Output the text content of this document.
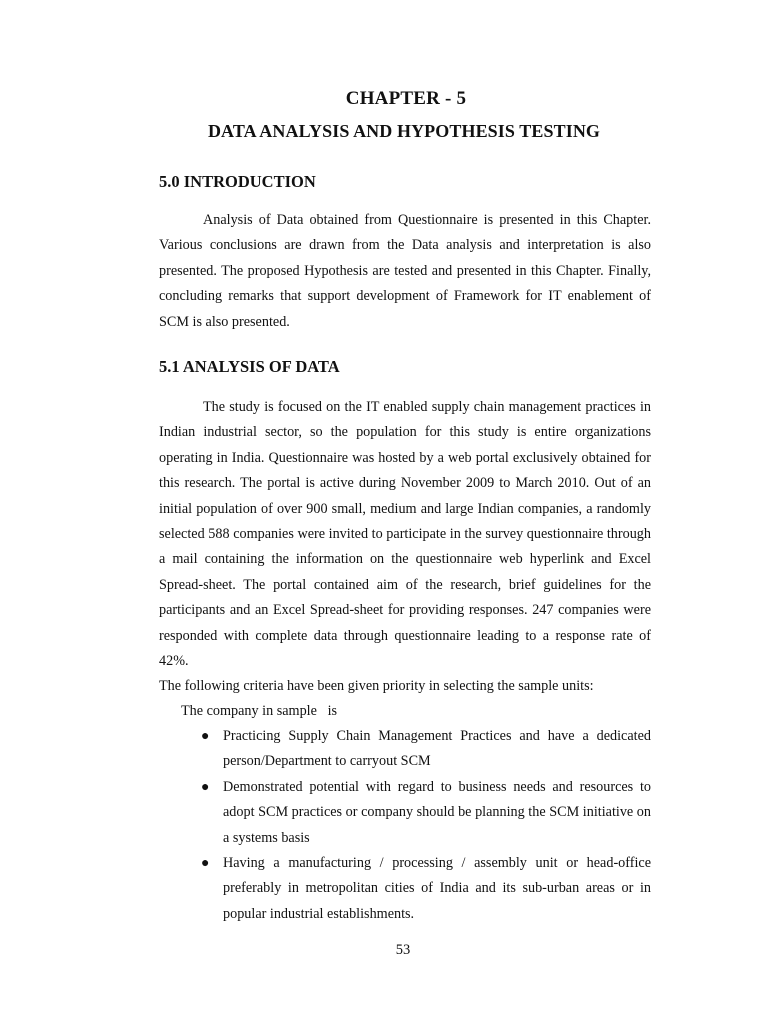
CHAPTER - 5
DATA ANALYSIS AND HYPOTHESIS TESTING
5.0 INTRODUCTION

Analysis of Data obtained from Questionnaire is presented in this Chapter. Various conclusions are drawn from the Data analysis and interpretation is also presented. The proposed Hypothesis are tested and presented in this Chapter. Finally, concluding remarks that support development of Framework for IT enablement of SCM is also presented.

5.1 ANALYSIS OF DATA

The study is focused on the IT enabled supply chain management practices in Indian industrial sector, so the population for this study is entire organizations operating in India. Questionnaire was hosted by a web portal exclusively obtained for this research. The portal is active during November 2009 to March 2010. Out of an initial population of over 900 small, medium and large Indian companies, a randomly selected 588 companies were invited to participate in the survey questionnaire through a mail containing the information on the questionnaire web hyperlink and Excel Spread-sheet. The portal contained aim of the research, brief guidelines for the participants and an Excel Spread-sheet for providing responses. 247 companies were responded with complete data through questionnaire leading to a response rate of 42%.

The following criteria have been given priority in selecting the sample units:
The company in sample   is
● Practicing Supply Chain Management Practices and have a dedicated person/Department to carryout SCM
● Demonstrated potential with regard to business needs and resources to adopt SCM practices or company should be planning the SCM initiative on a systems basis
● Having a manufacturing / processing / assembly unit or head-office preferably in metropolitan cities of India and its sub-urban areas or in popular industrial establishments.
53
